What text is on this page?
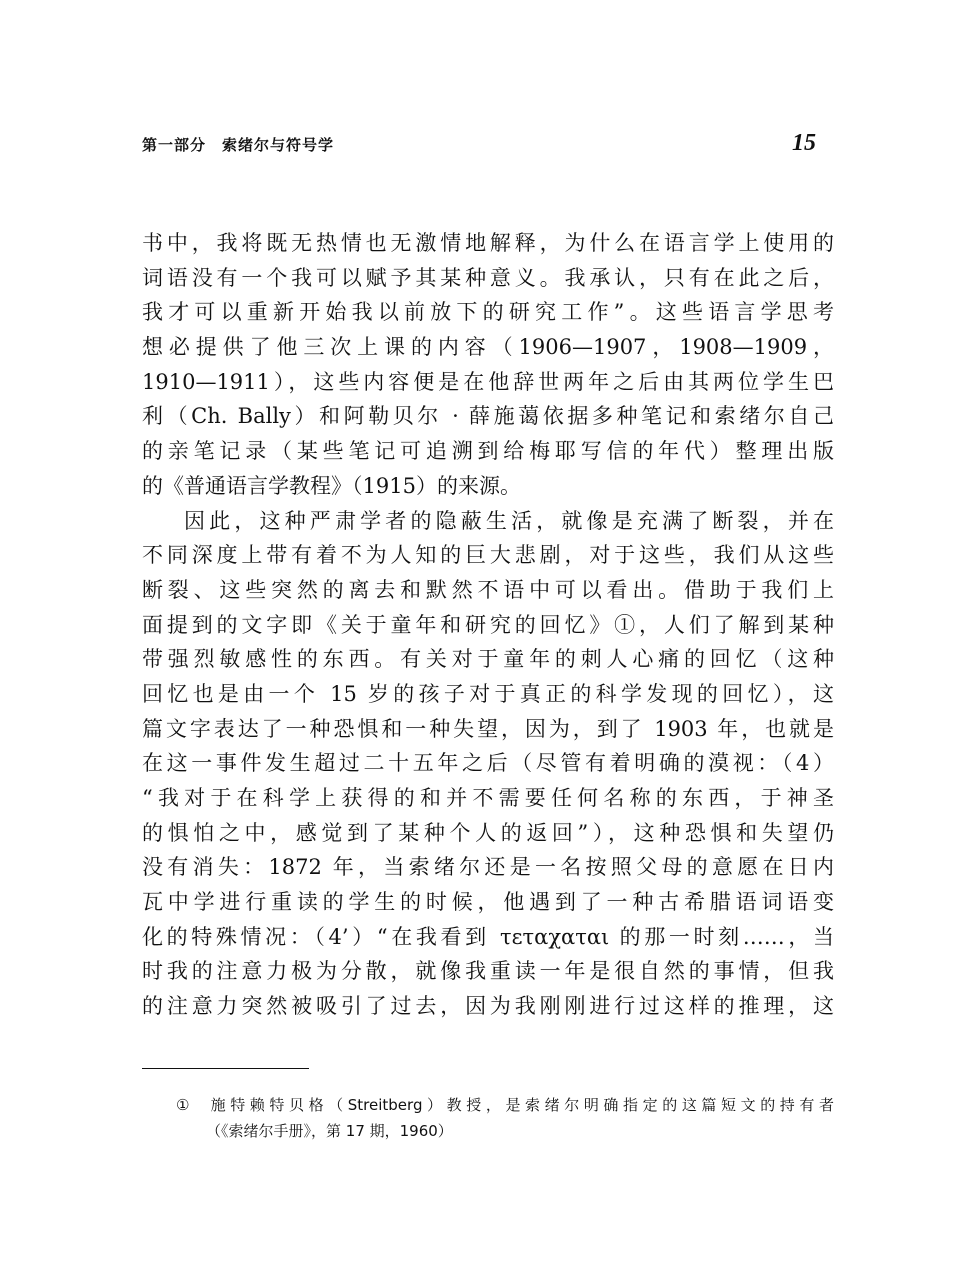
第一部分　索绪尔与符号学	15
书中，我将既无热情也无激情地解释，为什么在语言学上使用的
词语没有一个我可以赋予其某种意义。我承认，只有在此之后，
我才可以重新开始我以前放下的研究工作”。这些语言学思考
想必提供了他三次上课的内容（1906—1907，1908—1909，
1910—1911），这些内容便是在他辞世两年之后由其两位学生巴
利（Ch. Bally）和阿勒贝尔 · 薛施蔼依据多种笔记和索绪尔自己
的亲笔记录（某些笔记可追溯到给梅耶写信的年代）整理出版
的《普通语言学教程》（1915）的来源。
因此，这种严肃学者的隐蔽生活，就像是充满了断裂，并在
不同深度上带有着不为人知的巨大悲剧，对于这些，我们从这些
断裂、这些突然的离去和默然不语中可以看出。借助于我们上
面提到的文字即《关于童年和研究的回忆》①，人们了解到某种
带强烈敏感性的东西。有关对于童年的刺人心痛的回忆（这种
回忆也是由一个 15 岁的孩子对于真正的科学发现的回忆），这
篇文字表达了一种恐惧和一种失望，因为，到了 1903 年，也就是
在这一事件发生超过二十五年之后（尽管有着明确的漠视：（4）
“我对于在科学上获得的和并不需要任何名称的东西，于神圣
的惧怕之中，感觉到了某种个人的返回”），这种恐惧和失望仍
没有消失：1872 年，当索绪尔还是一名按照父母的意愿在日内
瓦中学进行重读的学生的时候，他遇到了一种古希腊语词语变
化的特殊情况：（4’）“在我看到 τεταχαται 的那一时刻……，当
时我的注意力极为分散，就像我重读一年是很自然的事情，但我
的注意力突然被吸引了过去，因为我刚刚进行过这样的推理，这
① 施特赖特贝格（Streitberg）教授，是索绪尔明确指定的这篇短文的持有者
（《索绪尔手册》，第 17 期，1960）
